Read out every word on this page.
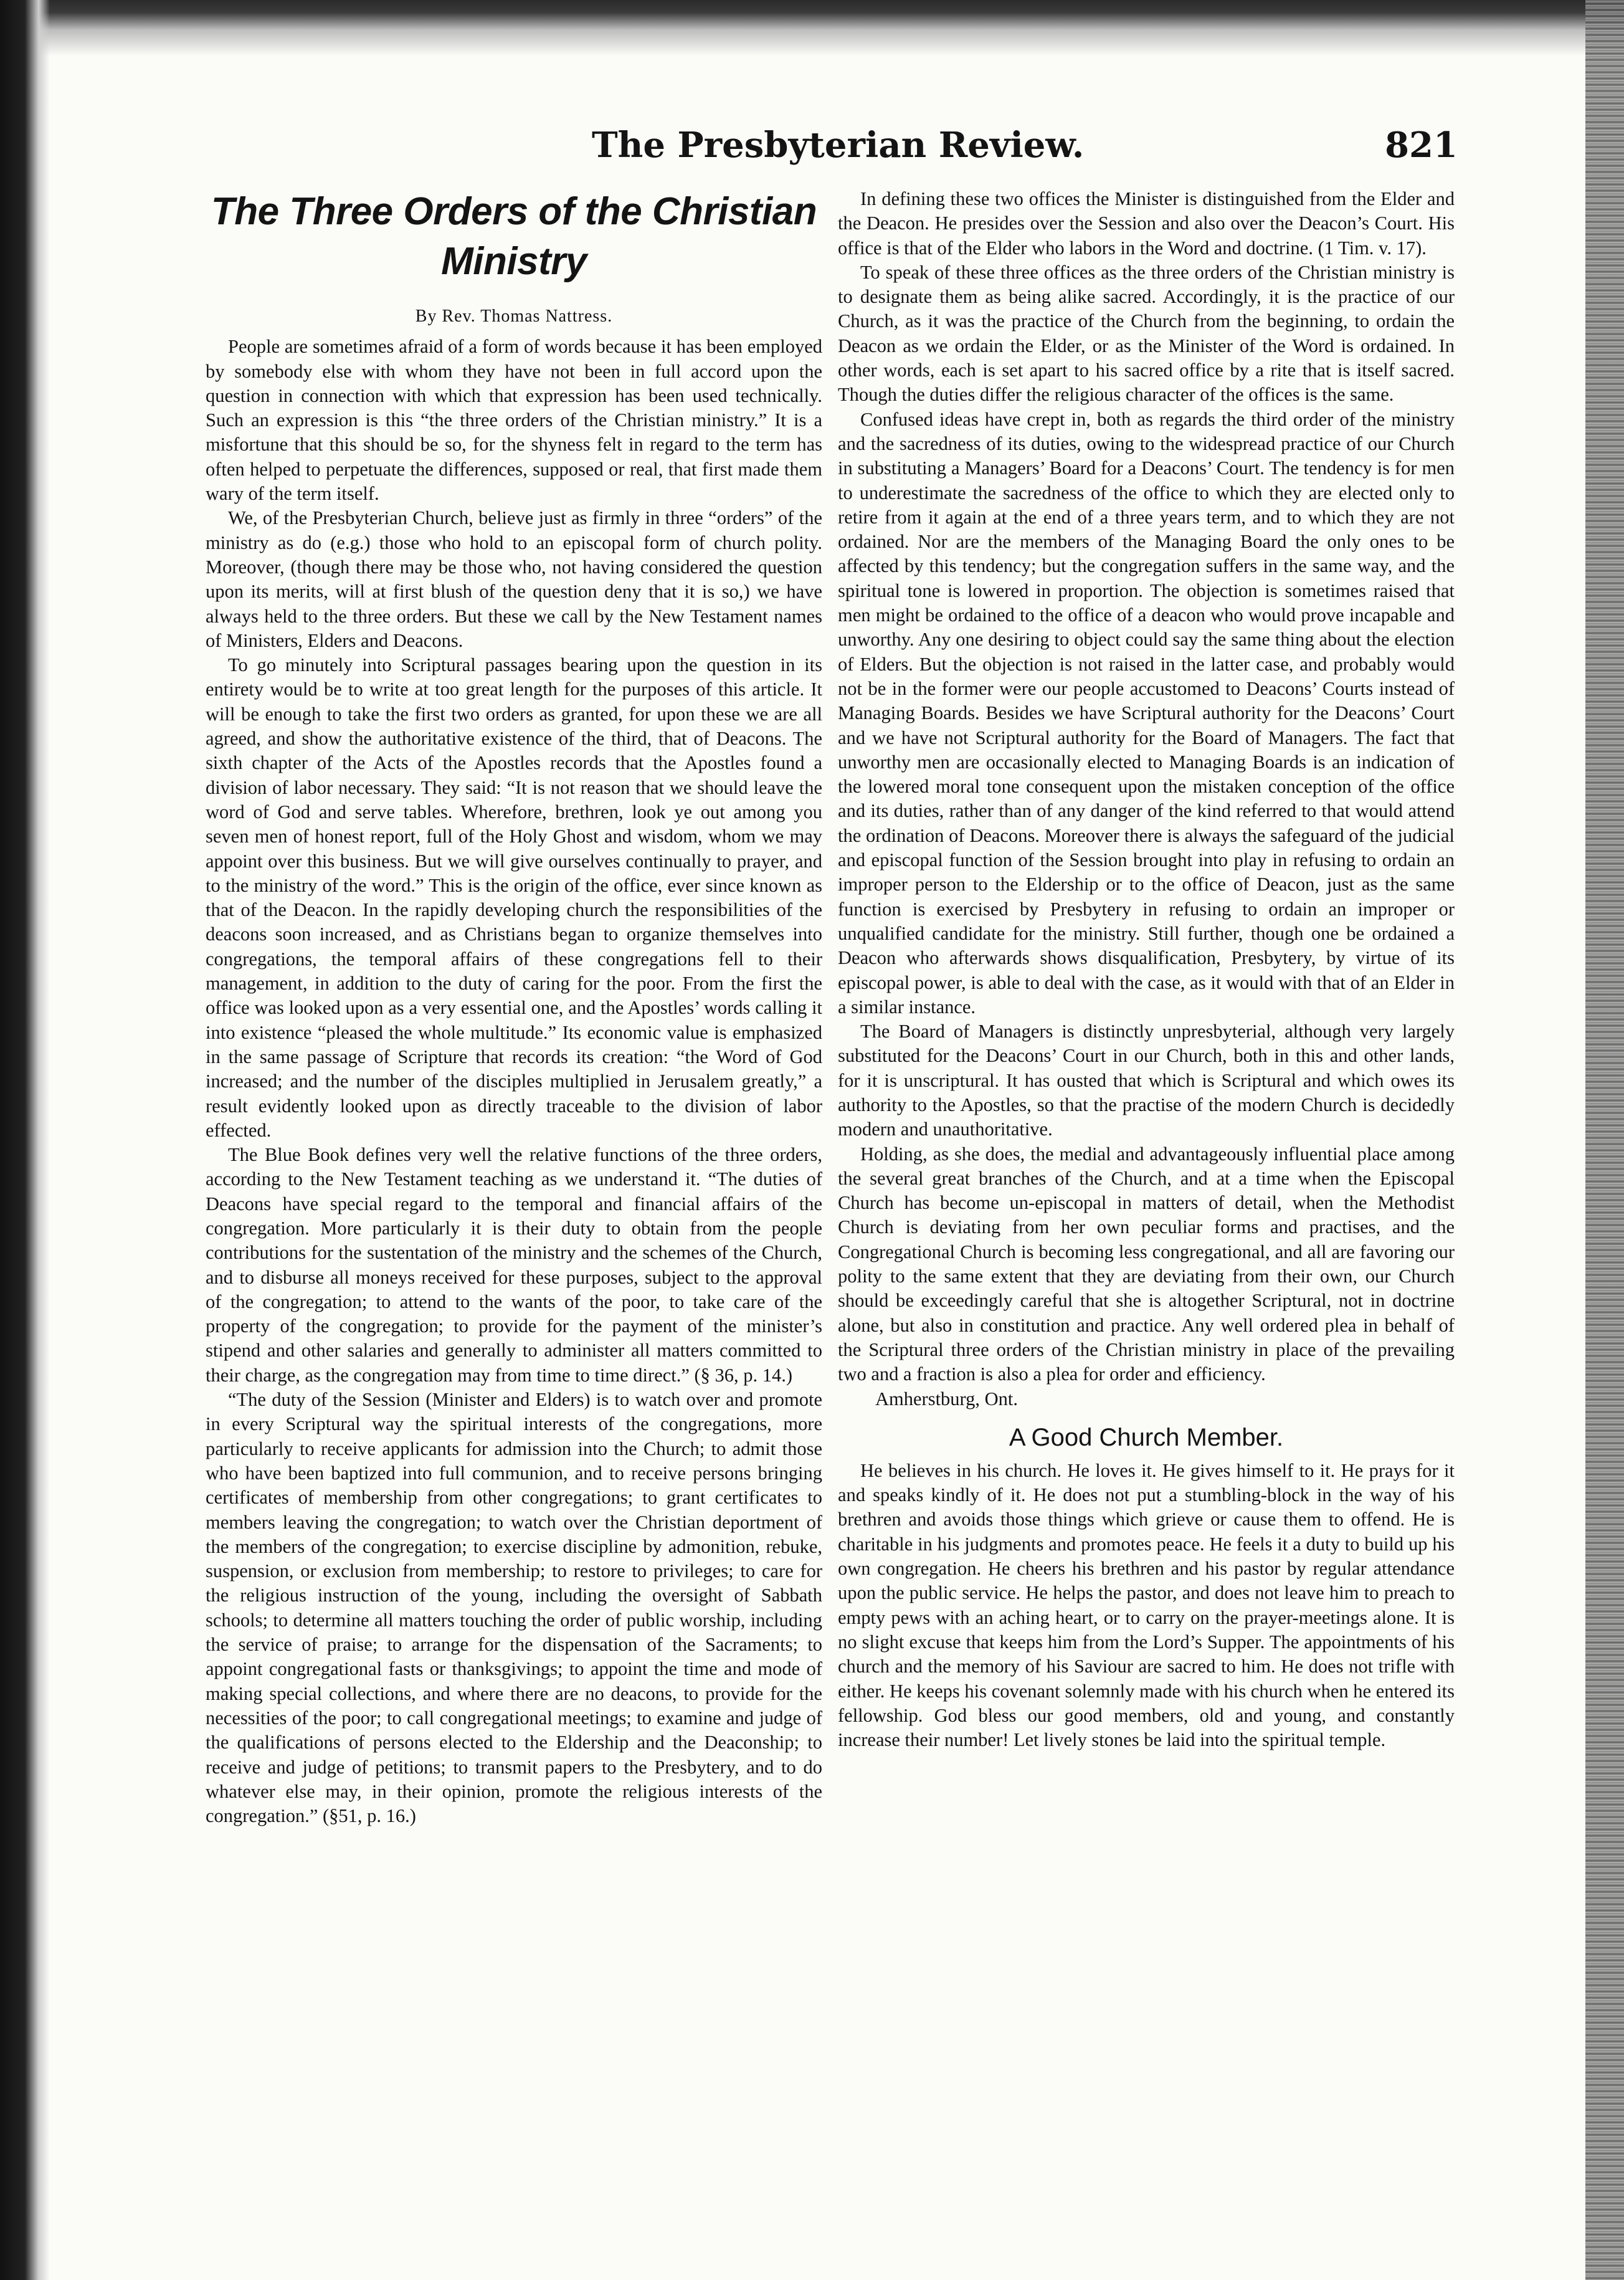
The Presbyterian Review.	821
The Three Orders of the Christian Ministry
By Rev. Thomas Nattress.

People are sometimes afraid of a form of words because it has been employed by somebody else with whom they have not been in full accord upon the question in connection with which that expression has been used technically. Such an expression is this “the three orders of the Christian ministry.” It is a misfortune that this should be so, for the shyness felt in regard to the term has often helped to perpetuate the differences, supposed or real, that first made them wary of the term itself.

We, of the Presbyterian Church, believe just as firmly in three “orders” of the ministry as do (e.g.) those who hold to an episcopal form of church polity. Moreover, (though there may be those who, not having considered the question upon its merits, will at first blush of the question deny that it is so,) we have always held to the three orders. But these we call by the New Testament names of Ministers, Elders and Deacons.

To go minutely into Scriptural passages bearing upon the question in its entirety would be to write at too great length for the purposes of this article. It will be enough to take the first two orders as granted, for upon these we are all agreed, and show the authoritative existence of the third, that of Deacons. The sixth chapter of the Acts of the Apostles records that the Apostles found a division of labor necessary. They said: “It is not reason that we should leave the word of God and serve tables. Wherefore, brethren, look ye out among you seven men of honest report, full of the Holy Ghost and wisdom, whom we may appoint over this business. But we will give ourselves continually to prayer, and to the ministry of the word.” This is the origin of the office, ever since known as that of the Deacon. In the rapidly developing church the responsibilities of the deacons soon increased, and as Christians began to organize themselves into congregations, the temporal affairs of these congregations fell to their management, in addition to the duty of caring for the poor. From the first the office was looked upon as a very essential one, and the Apostles’ words calling it into existence “pleased the whole multitude.” Its economic value is emphasized in the same passage of Scripture that records its creation: “the Word of God increased; and the number of the disciples multiplied in Jerusalem greatly,” a result evidently looked upon as directly traceable to the division of labor effected.

The Blue Book defines very well the relative functions of the three orders, according to the New Testament teaching as we understand it. “The duties of Deacons have special regard to the temporal and financial affairs of the congregation. More particularly it is their duty to obtain from the people contributions for the sustentation of the ministry and the schemes of the Church, and to disburse all moneys received for these purposes, subject to the approval of the congregation; to attend to the wants of the poor, to take care of the property of the congregation; to provide for the payment of the minister’s stipend and other salaries and generally to administer all matters committed to their charge, as the congregation may from time to time direct.” (§ 36, p. 14.)

“The duty of the Session (Minister and Elders) is to watch over and promote in every Scriptural way the spiritual interests of the congregations, more particularly to receive applicants for admission into the Church; to admit those who have been baptized into full communion, and to receive persons bringing certificates of membership from other congregations; to grant certificates to members leaving the congregation; to watch over the Christian deportment of the members of the congregation; to exercise discipline by admonition, rebuke, suspension, or exclusion from membership; to restore to privileges; to care for the religious instruction of the young, including the oversight of Sabbath schools; to determine all matters touching the order of public worship, including the service of praise; to arrange for the dispensation of the Sacraments; to appoint congregational fasts or thanksgivings; to appoint the time and mode of making special collections, and where there are no deacons, to provide for the necessities of the poor; to call congregational meetings; to examine and judge of the qualifications of persons elected to the Eldership and the Deaconship; to receive and judge of petitions; to transmit papers to the Presbytery, and to do whatever else may, in their opinion, promote the religious interests of the congregation.” (§51, p. 16.)

In defining these two offices the Minister is distinguished from the Elder and the Deacon. He presides over the Session and also over the Deacon’s Court. His office is that of the Elder who labors in the Word and doctrine. (1 Tim. v. 17).

To speak of these three offices as the three orders of the Christian ministry is to designate them as being alike sacred. Accordingly, it is the practice of our Church, as it was the practice of the Church from the beginning, to ordain the Deacon as we ordain the Elder, or as the Minister of the Word is ordained. In other words, each is set apart to his sacred office by a rite that is itself sacred. Though the duties differ the religious character of the offices is the same.

Confused ideas have crept in, both as regards the third order of the ministry and the sacredness of its duties, owing to the widespread practice of our Church in substituting a Managers’ Board for a Deacons’ Court. The tendency is for men to underestimate the sacredness of the office to which they are elected only to retire from it again at the end of a three years term, and to which they are not ordained. Nor are the members of the Managing Board the only ones to be affected by this tendency; but the congregation suffers in the same way, and the spiritual tone is lowered in proportion. The objection is sometimes raised that men might be ordained to the office of a deacon who would prove incapable and unworthy. Any one desiring to object could say the same thing about the election of Elders. But the objection is not raised in the latter case, and probably would not be in the former were our people accustomed to Deacons’ Courts instead of Managing Boards. Besides we have Scriptural authority for the Deacons’ Court and we have not Scriptural authority for the Board of Managers. The fact that unworthy men are occasionally elected to Managing Boards is an indication of the lowered moral tone consequent upon the mistaken conception of the office and its duties, rather than of any danger of the kind referred to that would attend the ordination of Deacons. Moreover there is always the safeguard of the judicial and episcopal function of the Session brought into play in refusing to ordain an improper person to the Eldership or to the office of Deacon, just as the same function is exercised by Presbytery in refusing to ordain an improper or unqualified candidate for the ministry. Still further, though one be ordained a Deacon who afterwards shows disqualification, Presbytery, by virtue of its episcopal power, is able to deal with the case, as it would with that of an Elder in a similar instance.

The Board of Managers is distinctly unpresbyterial, although very largely substituted for the Deacons’ Court in our Church, both in this and other lands, for it is unscriptural. It has ousted that which is Scriptural and which owes its authority to the Apostles, so that the practise of the modern Church is decidedly modern and unauthoritative.

Holding, as she does, the medial and advantageously influential place among the several great branches of the Church, and at a time when the Episcopal Church has become un-episcopal in matters of detail, when the Methodist Church is deviating from her own peculiar forms and practises, and the Congregational Church is becoming less congregational, and all are favoring our polity to the same extent that they are deviating from their own, our Church should be exceedingly careful that she is altogether Scriptural, not in doctrine alone, but also in constitution and practice. Any well ordered plea in behalf of the Scriptural three orders of the Christian ministry in place of the prevailing two and a fraction is also a plea for order and efficiency.

Amherstburg, Ont.

A Good Church Member.

He believes in his church. He loves it. He gives himself to it. He prays for it and speaks kindly of it. He does not put a stumbling-block in the way of his brethren and avoids those things which grieve or cause them to offend. He is charitable in his judgments and promotes peace. He feels it a duty to build up his own congregation. He cheers his brethren and his pastor by regular attendance upon the public service. He helps the pastor, and does not leave him to preach to empty pews with an aching heart, or to carry on the prayer-meetings alone. It is no slight excuse that keeps him from the Lord’s Supper. The appointments of his church and the memory of his Saviour are sacred to him. He does not trifle with either. He keeps his covenant solemnly made with his church when he entered its fellowship. God bless our good members, old and young, and constantly increase their number! Let lively stones be laid into the spiritual temple.
